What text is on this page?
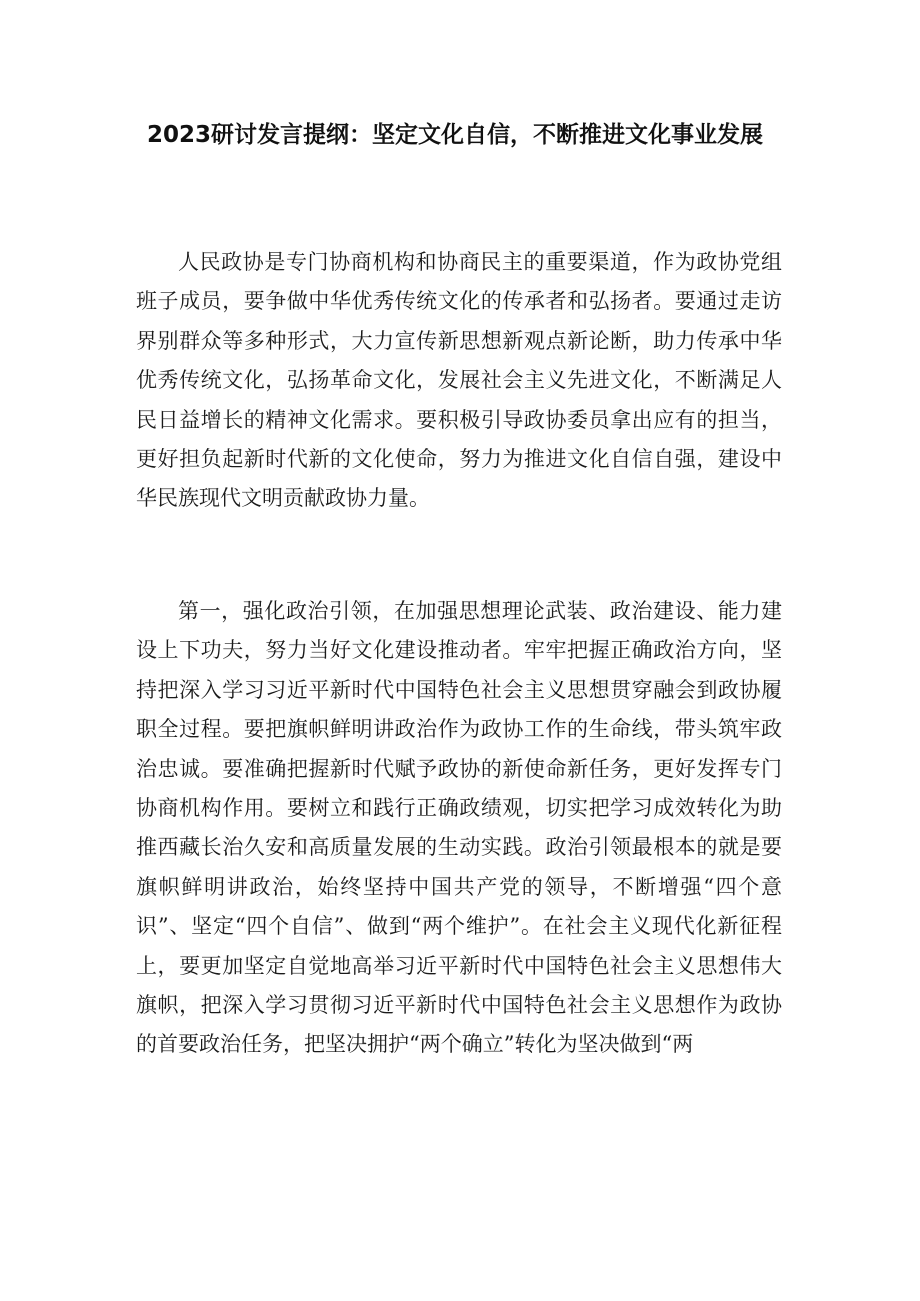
2023研讨发言提纲：坚定文化自信，不断推进文化事业发展

人民政协是专门协商机构和协商民主的重要渠道，作为政协党组班子成员，要争做中华优秀传统文化的传承者和弘扬者。要通过走访界别群众等多种形式，大力宣传新思想新观点新论断，助力传承中华优秀传统文化，弘扬革命文化，发展社会主义先进文化，不断满足人民日益增长的精神文化需求。要积极引导政协委员拿出应有的担当，更好担负起新时代新的文化使命，努力为推进文化自信自强，建设中华民族现代文明贡献政协力量。

第一，强化政治引领，在加强思想理论武装、政治建设、能力建设上下功夫，努力当好文化建设推动者。牢牢把握正确政治方向，坚持把深入学习习近平新时代中国特色社会主义思想贯穿融会到政协履职全过程。要把旗帜鲜明讲政治作为政协工作的生命线，带头筑牢政治忠诚。要准确把握新时代赋予政协的新使命新任务，更好发挥专门协商机构作用。要树立和践行正确政绩观，切实把学习成效转化为助推西藏长治久安和高质量发展的生动实践。政治引领最根本的就是要旗帜鲜明讲政治，始终坚持中国共产党的领导，不断增强“四个意识”、坚定“四个自信”、做到“两个维护”。在社会主义现代化新征程上，要更加坚定自觉地高举习近平新时代中国特色社会主义思想伟大旗帜，把深入学习贯彻习近平新时代中国特色社会主义思想作为政协的首要政治任务，把坚决拥护“两个确立”转化为坚决做到“两
